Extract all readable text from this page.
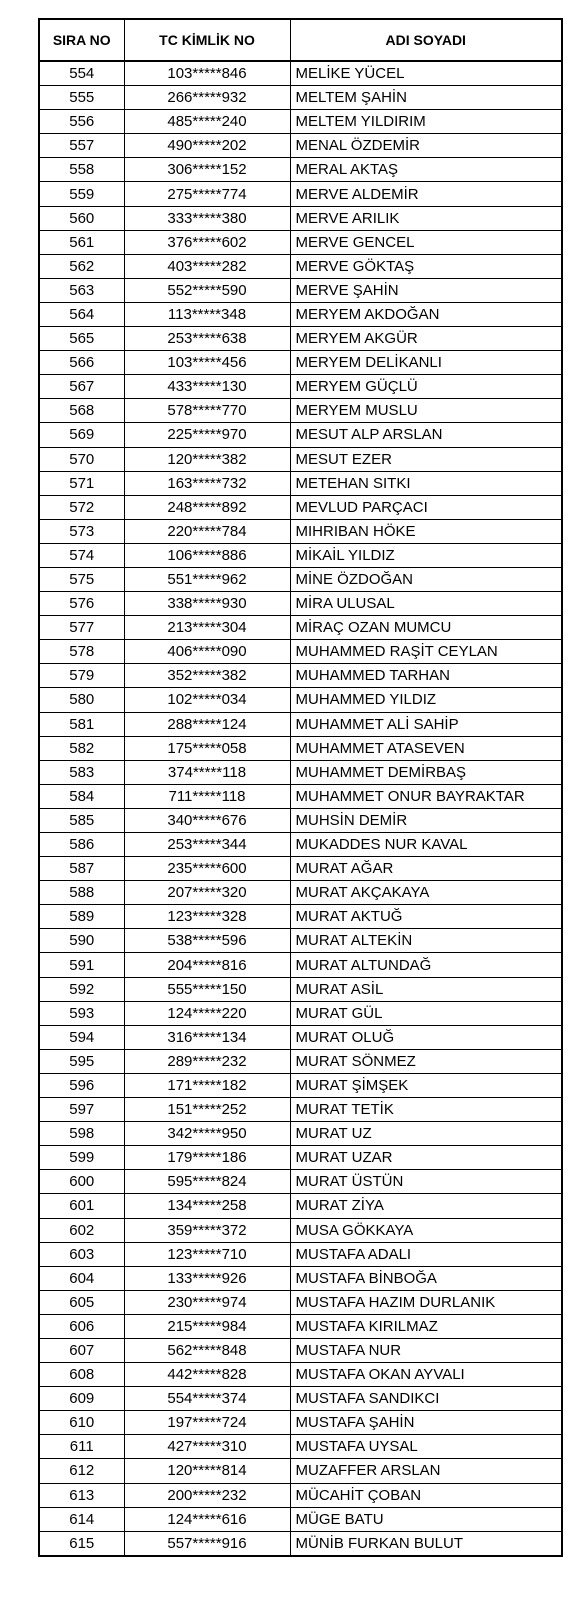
SIRA NO	TC KİMLİK NO	ADI SOYADI
554	103*****846	MELİKE YÜCEL
555	266*****932	MELTEM ŞAHİN
556	485*****240	MELTEM YILDIRIM
557	490*****202	MENAL ÖZDEMİR
558	306*****152	MERAL AKTAŞ
559	275*****774	MERVE ALDEMİR
560	333*****380	MERVE ARILIK
561	376*****602	MERVE GENCEL
562	403*****282	MERVE GÖKTAŞ
563	552*****590	MERVE ŞAHİN
564	113*****348	MERYEM AKDOĞAN
565	253*****638	MERYEM AKGÜR
566	103*****456	MERYEM DELİKANLI
567	433*****130	MERYEM GÜÇLÜ
568	578*****770	MERYEM MUSLU
569	225*****970	MESUT ALP ARSLAN
570	120*****382	MESUT EZER
571	163*****732	METEHAN SITKI
572	248*****892	MEVLUD PARÇACI
573	220*****784	MIHRIBAN HÖKE
574	106*****886	MİKAİL YILDIZ
575	551*****962	MİNE ÖZDOĞAN
576	338*****930	MİRA ULUSAL
577	213*****304	MİRAÇ OZAN MUMCU
578	406*****090	MUHAMMED RAŞİT CEYLAN
579	352*****382	MUHAMMED TARHAN
580	102*****034	MUHAMMED YILDIZ
581	288*****124	MUHAMMET ALİ SAHİP
582	175*****058	MUHAMMET ATASEVEN
583	374*****118	MUHAMMET DEMİRBAŞ
584	711*****118	MUHAMMET ONUR BAYRAKTAR
585	340*****676	MUHSİN DEMİR
586	253*****344	MUKADDES NUR KAVAL
587	235*****600	MURAT AĞAR
588	207*****320	MURAT AKÇAKAYA
589	123*****328	MURAT AKTUĞ
590	538*****596	MURAT ALTEKİN
591	204*****816	MURAT ALTUNDAĞ
592	555*****150	MURAT ASİL
593	124*****220	MURAT GÜL
594	316*****134	MURAT OLUĞ
595	289*****232	MURAT SÖNMEZ
596	171*****182	MURAT ŞİMŞEK
597	151*****252	MURAT TETİK
598	342*****950	MURAT UZ
599	179*****186	MURAT UZAR
600	595*****824	MURAT ÜSTÜN
601	134*****258	MURAT ZİYA
602	359*****372	MUSA GÖKKAYA
603	123*****710	MUSTAFA ADALI
604	133*****926	MUSTAFA BİNBOĞA
605	230*****974	MUSTAFA HAZIM DURLANIK
606	215*****984	MUSTAFA KIRILMAZ
607	562*****848	MUSTAFA NUR
608	442*****828	MUSTAFA OKAN AYVALI
609	554*****374	MUSTAFA SANDIKCI
610	197*****724	MUSTAFA ŞAHİN
611	427*****310	MUSTAFA UYSAL
612	120*****814	MUZAFFER ARSLAN
613	200*****232	MÜCAHİT ÇOBAN
614	124*****616	MÜGE BATU
615	557*****916	MÜNİB FURKAN BULUT
